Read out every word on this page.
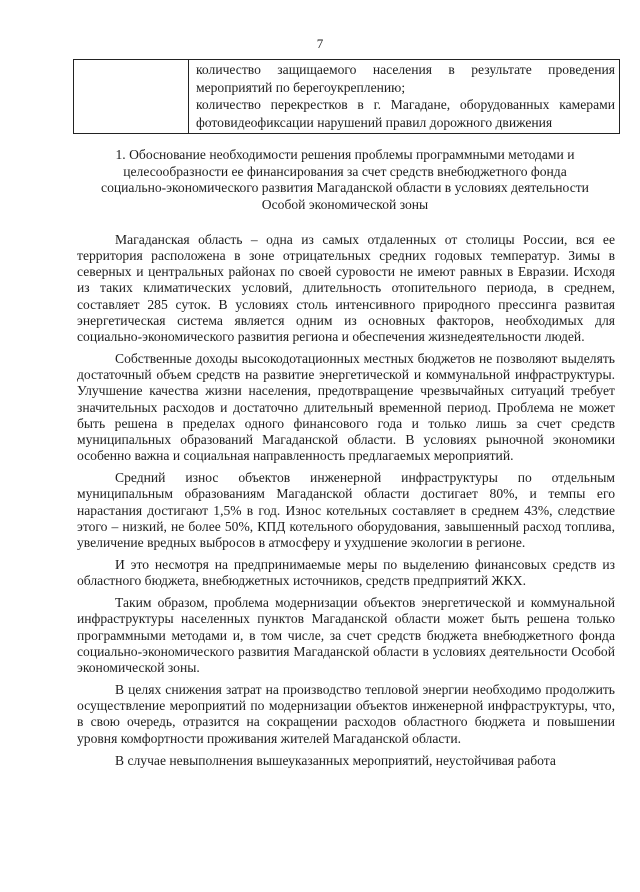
7

количество защищаемого населения в результате проведения мероприятий по берегоукреплению;

количество перекрестков в г. Магадане, оборудованных камерами фотовидеофиксации нарушений правил дорожного движения

1. Обоснование необходимости решения проблемы программными методами и целесообразности ее финансирования за счет средств внебюджетного фонда социально-экономического развития Магаданской области в условиях деятельности Особой экономической зоны

Магаданская область – одна из самых отдаленных от столицы России, вся ее территория расположена в зоне отрицательных средних годовых температур. Зимы в северных и центральных районах по своей суровости не имеют равных в Евразии. Исходя из таких климатических условий, длительность отопительного периода, в среднем, составляет 285 суток. В условиях столь интенсивного природного прессинга развитая энергетическая система является одним из основных факторов, необходимых для социально-экономического развития региона и обеспечения жизнедеятельности людей.

Собственные доходы высокодотационных местных бюджетов не позволяют выделять достаточный объем средств на развитие энергетической и коммунальной инфраструктуры. Улучшение качества жизни населения, предотвращение чрезвычайных ситуаций требует значительных расходов и достаточно длительный временной период. Проблема не может быть решена в пределах одного финансового года и только лишь за счет средств муниципальных образований Магаданской области. В условиях рыночной экономики особенно важна и социальная направленность предлагаемых мероприятий.

Средний износ объектов инженерной инфраструктуры по отдельным муниципальным образованиям Магаданской области достигает 80%, и темпы его нарастания достигают 1,5% в год. Износ котельных составляет в среднем 43%, следствие этого – низкий, не более 50%, КПД котельного оборудования, завышенный расход топлива, увеличение вредных выбросов в атмосферу и ухудшение экологии в регионе.

И это несмотря на предпринимаемые меры по выделению финансовых средств из областного бюджета, внебюджетных источников, средств предприятий ЖКХ.

Таким образом, проблема модернизации объектов энергетической и коммунальной инфраструктуры населенных пунктов Магаданской области может быть решена только программными методами и, в том числе, за счет средств бюджета внебюджетного фонда социально-экономического развития Магаданской области в условиях деятельности Особой экономической зоны.

В целях снижения затрат на производство тепловой энергии необходимо продолжить осуществление мероприятий по модернизации объектов инженерной инфраструктуры, что, в свою очередь, отразится на сокращении расходов областного бюджета и повышении уровня комфортности проживания жителей Магаданской области.

В случае невыполнения вышеуказанных мероприятий, неустойчивая работа
